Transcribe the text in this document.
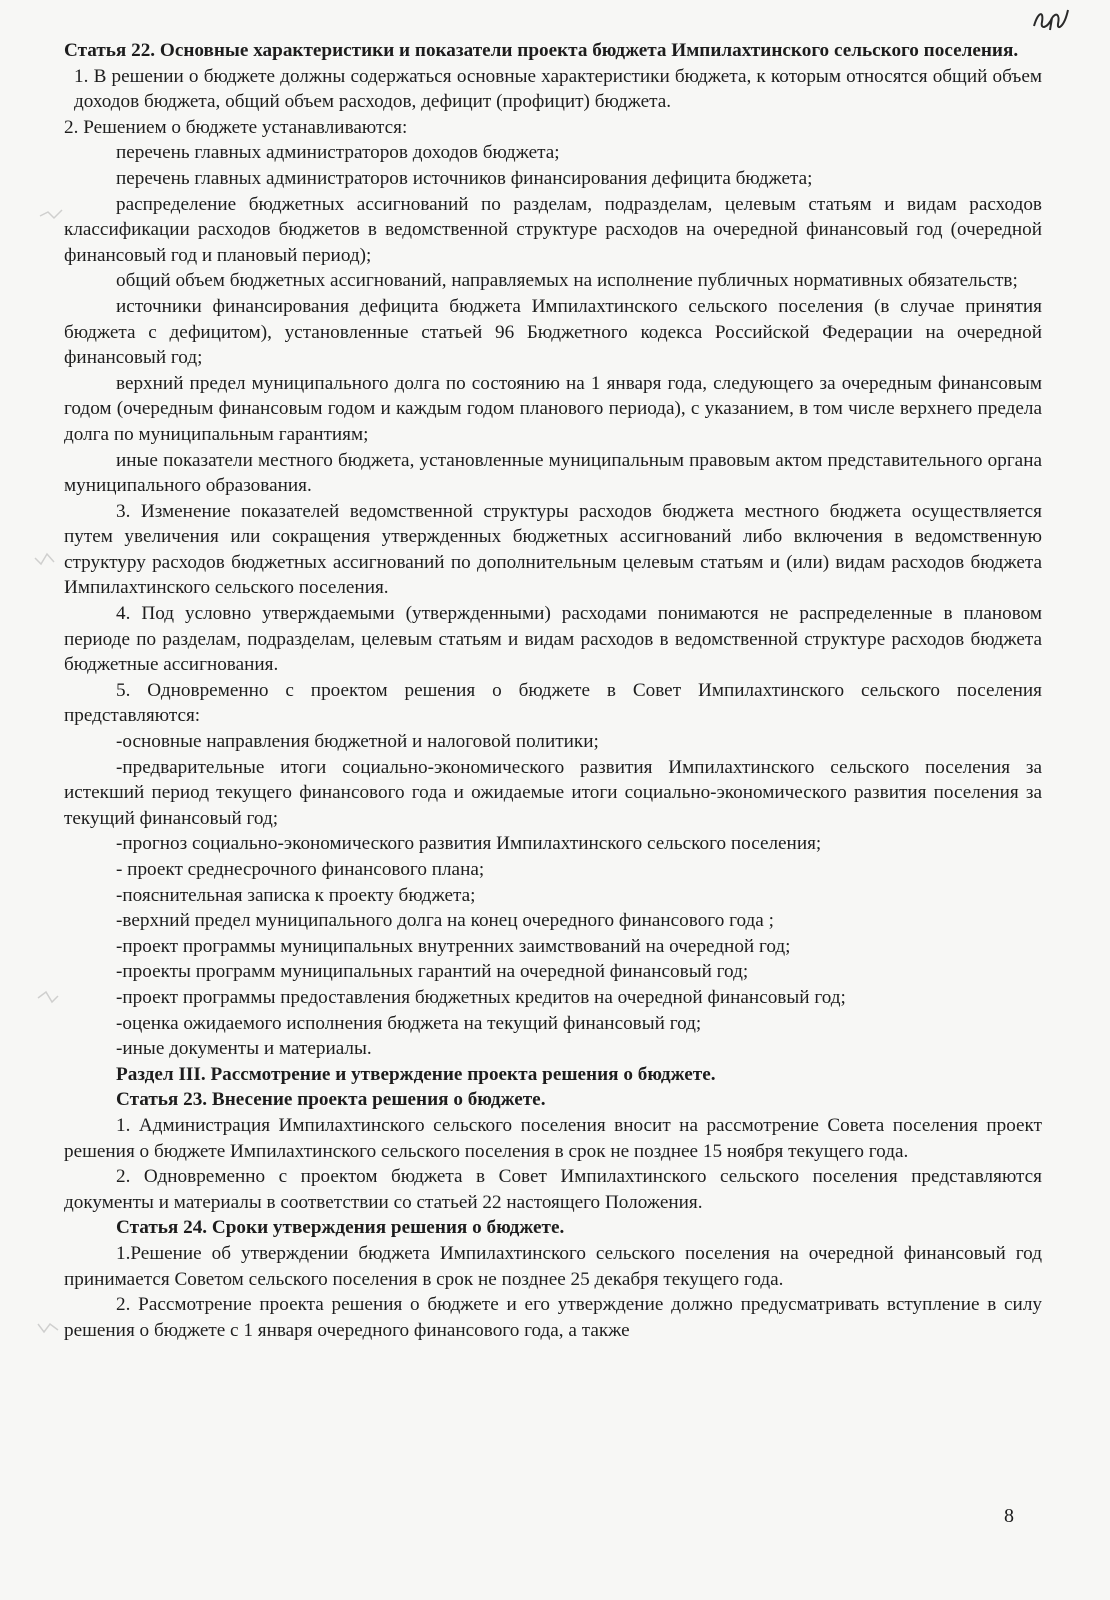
Статья 22. Основные характеристики и показатели проекта бюджета Импилахтинского сельского поселения.

1. В решении о бюджете должны содержаться основные характеристики бюджета, к которым относятся общий объем доходов бюджета, общий объем расходов, дефицит (профицит) бюджета.

2. Решением о бюджете устанавливаются:

перечень главных администраторов доходов бюджета;
перечень главных администраторов источников финансирования дефицита бюджета;
распределение бюджетных ассигнований по разделам, подразделам, целевым статьям и видам расходов классификации расходов бюджетов в ведомственной структуре расходов на очередной финансовый год (очередной финансовый год и плановый период);
общий объем бюджетных ассигнований, направляемых на исполнение публичных нормативных обязательств;
источники финансирования дефицита бюджета Импилахтинского сельского поселения (в случае принятия бюджета с дефицитом), установленные статьей 96 Бюджетного кодекса Российской Федерации на очередной финансовый год;
верхний предел муниципального долга по состоянию на 1 января года, следующего за очередным финансовым годом (очередным финансовым годом и каждым годом планового периода), с указанием, в том числе верхнего предела долга по муниципальным гарантиям;
иные показатели местного бюджета, установленные муниципальным правовым актом представительного органа муниципального образования.

3. Изменение показателей ведомственной структуры расходов бюджета местного бюджета осуществляется путем увеличения или сокращения утвержденных бюджетных ассигнований либо включения в ведомственную структуру расходов бюджетных ассигнований по дополнительным целевым статьям и (или) видам расходов бюджета Импилахтинского сельского поселения.

4. Под условно утверждаемыми (утвержденными) расходами понимаются не распределенные в плановом периоде по разделам, подразделам, целевым статьям и видам расходов в ведомственной структуре расходов бюджета бюджетные ассигнования.

5. Одновременно с проектом решения о бюджете в Совет Импилахтинского сельского поселения представляются:

-основные направления бюджетной и налоговой политики;
-предварительные итоги социально-экономического развития Импилахтинского сельского поселения за истекший период текущего финансового года и ожидаемые итоги социально-экономического развития поселения за текущий финансовый год;
-прогноз социально-экономического развития Импилахтинского сельского поселения;
- проект среднесрочного финансового плана;
-пояснительная записка к проекту бюджета;
-верхний предел муниципального долга на конец очередного финансового года ;
-проект программы муниципальных внутренних заимствований на очередной год;
-проекты программ муниципальных гарантий на очередной финансовый год;
-проект программы предоставления бюджетных кредитов на очередной финансовый год;
-оценка ожидаемого исполнения бюджета на текущий финансовый год;
-иные документы и материалы.

Раздел III. Рассмотрение и утверждение проекта решения о бюджете.

Статья 23. Внесение проекта решения о бюджете.

1. Администрация Импилахтинского сельского поселения вносит на рассмотрение Совета поселения проект решения о бюджете Импилахтинского сельского поселения в срок не позднее 15 ноября текущего года.

2. Одновременно с проектом бюджета в Совет Импилахтинского сельского поселения представляются документы и материалы в соответствии со статьей 22 настоящего Положения.

Статья 24. Сроки утверждения решения о бюджете.

1.Решение об утверждении бюджета Импилахтинского сельского поселения на очередной финансовый год принимается Советом сельского поселения в срок не позднее 25 декабря текущего года.

2. Рассмотрение проекта решения о бюджете и его утверждение должно предусматривать вступление в силу решения о бюджете с 1 января очередного финансового года, а также

8
